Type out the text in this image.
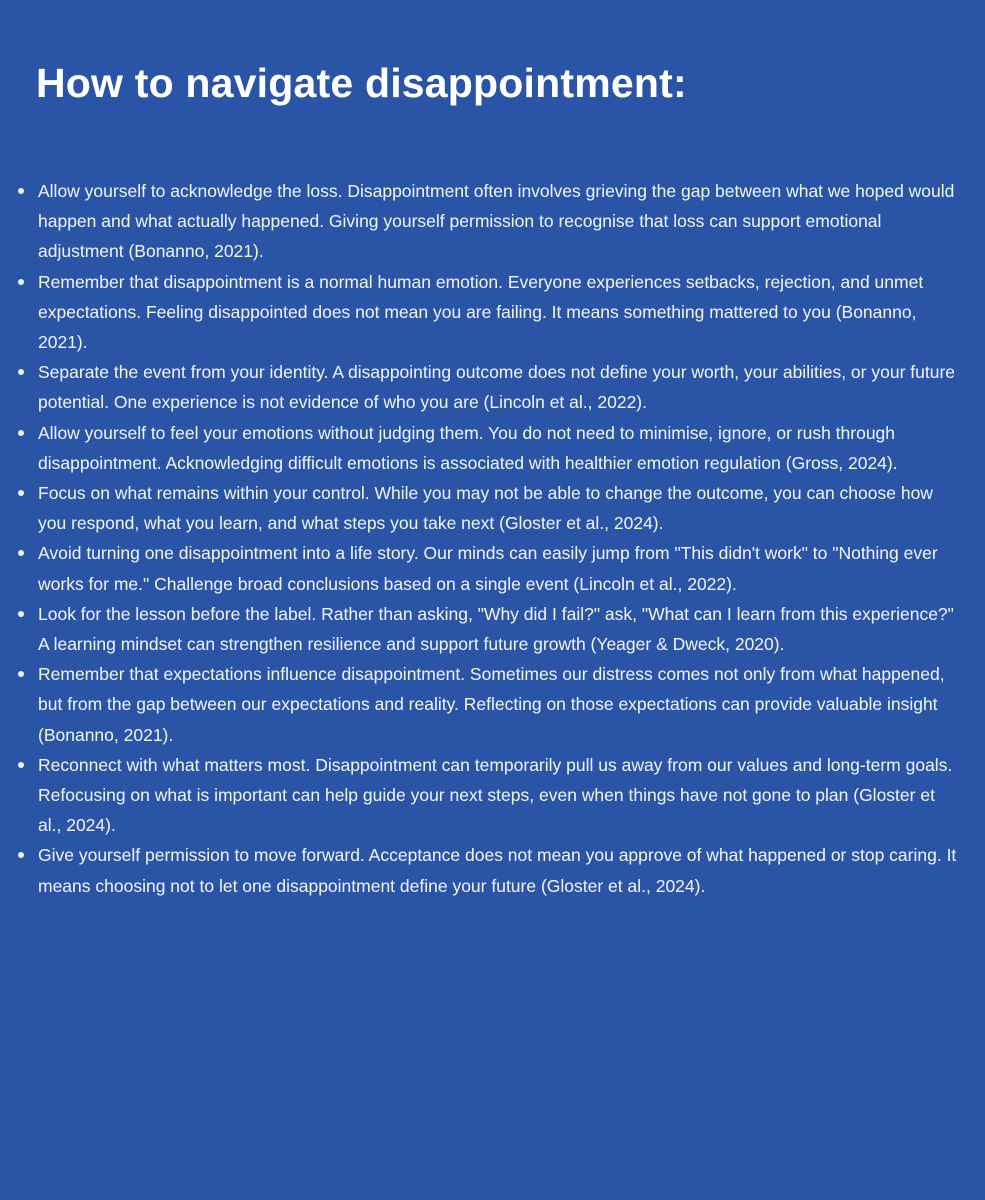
How to navigate disappointment:
Allow yourself to acknowledge the loss. Disappointment often involves grieving the gap between what we hoped would happen and what actually happened. Giving yourself permission to recognise that loss can support emotional adjustment (Bonanno, 2021).
Remember that disappointment is a normal human emotion. Everyone experiences setbacks, rejection, and unmet expectations. Feeling disappointed does not mean you are failing. It means something mattered to you (Bonanno, 2021).
Separate the event from your identity. A disappointing outcome does not define your worth, your abilities, or your future potential. One experience is not evidence of who you are (Lincoln et al., 2022).
Allow yourself to feel your emotions without judging them. You do not need to minimise, ignore, or rush through disappointment. Acknowledging difficult emotions is associated with healthier emotion regulation (Gross, 2024).
Focus on what remains within your control. While you may not be able to change the outcome, you can choose how you respond, what you learn, and what steps you take next (Gloster et al., 2024).
Avoid turning one disappointment into a life story. Our minds can easily jump from "This didn't work" to "Nothing ever works for me." Challenge broad conclusions based on a single event (Lincoln et al., 2022).
Look for the lesson before the label. Rather than asking, "Why did I fail?" ask, "What can I learn from this experience?" A learning mindset can strengthen resilience and support future growth (Yeager & Dweck, 2020).
Remember that expectations influence disappointment. Sometimes our distress comes not only from what happened, but from the gap between our expectations and reality. Reflecting on those expectations can provide valuable insight (Bonanno, 2021).
Reconnect with what matters most. Disappointment can temporarily pull us away from our values and long-term goals. Refocusing on what is important can help guide your next steps, even when things have not gone to plan (Gloster et al., 2024).
Give yourself permission to move forward. Acceptance does not mean you approve of what happened or stop caring. It means choosing not to let one disappointment define your future (Gloster et al., 2024).
